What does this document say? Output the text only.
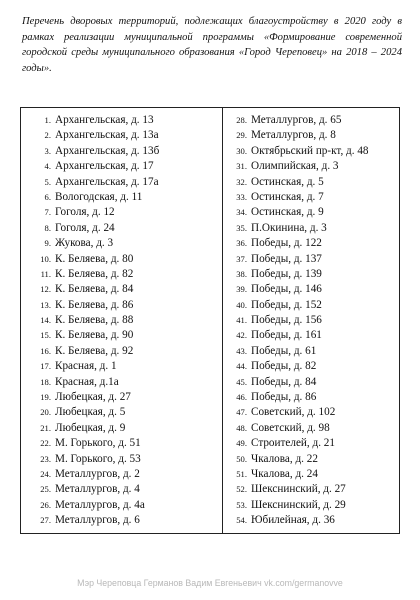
Перечень дворовых территорий, подлежащих благоустройству в 2020 году в рамках реализации муниципальной программы «Формирование современной городской среды муниципального образования «Город Череповец» на 2018 – 2024 годы».
1. Архангельская, д. 13
2. Архангельская, д. 13а
3. Архангельская, д. 13б
4. Архангельская, д. 17
5. Архангельская, д. 17а
6. Вологодская, д. 11
7. Гоголя, д. 12
8. Гоголя, д. 24
9. Жукова, д. 3
10. К. Беляева, д. 80
11. К. Беляева, д. 82
12. К. Беляева, д. 84
13. К. Беляева, д. 86
14. К. Беляева, д. 88
15. К. Беляева, д. 90
16. К. Беляева, д. 92
17. Красная, д. 1
18. Красная, д.1а
19. Любецкая, д. 27
20. Любецкая, д. 5
21. Любецкая, д. 9
22. М. Горького, д. 51
23. М. Горького, д. 53
24. Металлургов, д. 2
25. Металлургов, д. 4
26. Металлургов, д. 4а
27. Металлургов, д. 6
28. Металлургов, д. 65
29. Металлургов, д. 8
30. Октябрьский пр-кт, д. 48
31. Олимпийская, д. 3
32. Остинская, д. 5
33. Остинская, д. 7
34. Остинская, д. 9
35. П.Окинина, д. 3
36. Победы, д. 122
37. Победы, д. 137
38. Победы, д. 139
39. Победы, д. 146
40. Победы, д. 152
41. Победы, д. 156
42. Победы, д. 161
43. Победы, д. 61
44. Победы, д. 82
45. Победы, д. 84
46. Победы, д. 86
47. Советский, д. 102
48. Советский, д. 98
49. Строителей, д. 21
50. Чкалова, д. 22
51. Чкалова, д. 24
52. Шекснинский, д. 27
53. Шекснинский, д. 29
54. Юбилейная, д. 36
Мэр Череповца Германов Вадим Евгеньевич vk.com/germanovve
